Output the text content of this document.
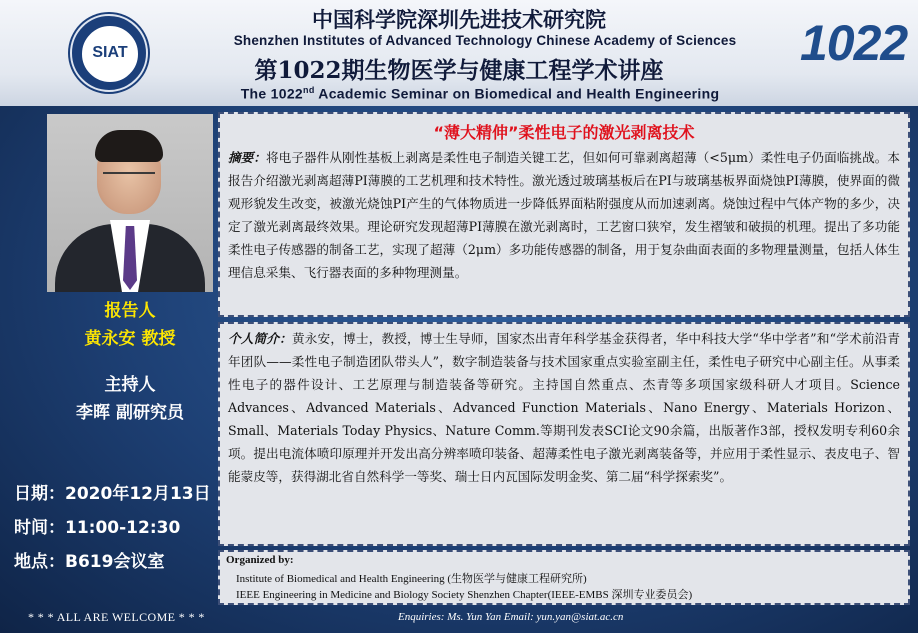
SIAT
中国科学院深圳先进技术研究院
Shenzhen Institutes of Advanced Technology Chinese Academy of Sciences
第1022期生物医学与健康工程学术讲座
The 1022nd Academic Seminar on Biomedical and Health Engineering
1022
报告人
黄永安 教授
主持人
李晖 副研究员
日期：2020年12月13日
时间：11:00-12:30
地点：B619会议室
* * * ALL ARE WELCOME * * *
“薄大精伸”柔性电子的激光剥离技术
摘要：将电子器件从刚性基板上剥离是柔性电子制造关键工艺，但如何可靠剥离超薄（<5μm）柔性电子仍面临挑战。本报告介绍激光剥离超薄PI薄膜的工艺机理和技术特性。激光透过玻璃基板后在PI与玻璃基板界面烧蚀PI薄膜，使界面的微观形貌发生改变，被激光烧蚀PI产生的气体物质进一步降低界面粘附强度从而加速剥离。烧蚀过程中气体产物的多少，决定了激光剥离最终效果。理论研究发现超薄PI薄膜在激光剥离时，工艺窗口狭窄，发生褶皱和破损的机理。提出了多功能柔性电子传感器的制备工艺，实现了超薄（2μm）多功能传感器的制备，用于复杂曲面表面的多物理量测量，包括人体生理信息采集、飞行器表面的多种物理测量。
个人简介：黄永安，博士，教授，博士生导师，国家杰出青年科学基金获得者，华中科技大学“华中学者”和“学术前沿青年团队——柔性电子制造团队带头人”，数字制造装备与技术国家重点实验室副主任，柔性电子研究中心副主任。从事柔性电子的器件设计、工艺原理与制造装备等研究。主持国自然重点、杰青等多项国家级科研人才项目。Science Advances、Advanced Materials、Advanced Function Materials、Nano Energy、Materials Horizon、Small、Materials Today Physics、Nature Comm.等期刊发表SCI论文90余篇，出版著作3部，授权发明专利60余项。提出电流体喷印原理并开发出高分辨率喷印装备、超薄柔性电子激光剥离装备等，并应用于柔性显示、表皮电子、智能蒙皮等，获得湖北省自然科学一等奖、瑞士日内瓦国际发明金奖、第二届“科学探索奖”。
Organized by:
Institute of Biomedical and Health Engineering (生物医学与健康工程研究所)
IEEE Engineering in Medicine and Biology Society Shenzhen Chapter(IEEE-EMBS 深圳专业委员会)
Enquiries: Ms. Yun Yan Email: yun.yan@siat.ac.cn
